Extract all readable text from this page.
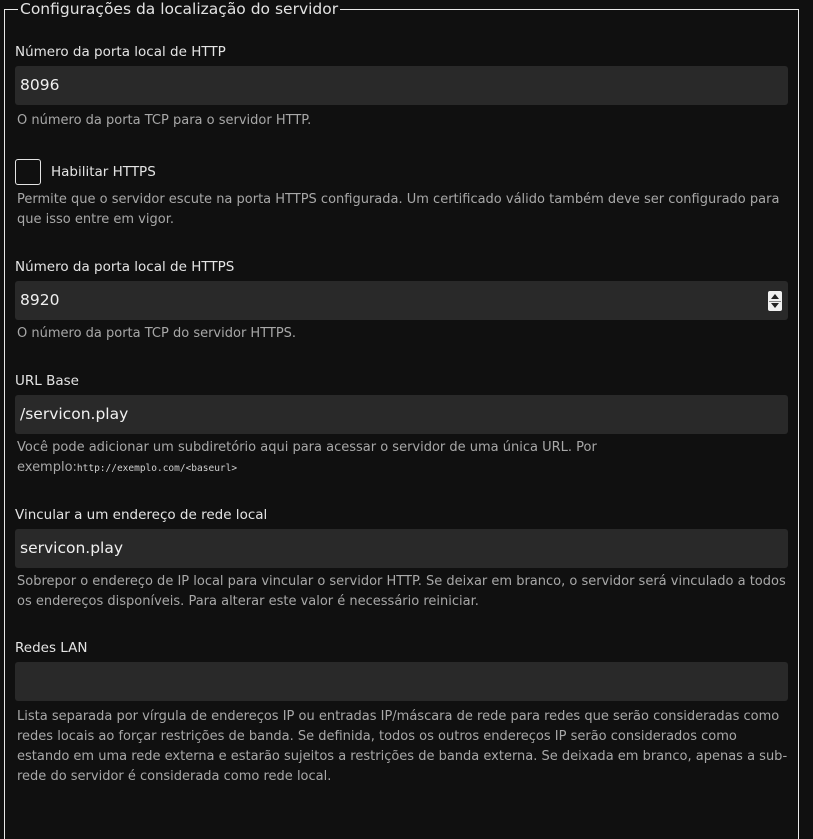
Configurações da localização do servidor
Número da porta local de HTTP
8096
O número da porta TCP para o servidor HTTP.
Habilitar HTTPS
Permite que o servidor escute na porta HTTPS configurada. Um certificado válido também deve ser configurado para que isso entre em vigor.
Número da porta local de HTTPS
8920
O número da porta TCP do servidor HTTPS.
URL Base
/servicon.play
Você pode adicionar um subdiretório aqui para acessar o servidor de uma única URL. Por exemplo:http://exemplo.com/<baseurl>
Vincular a um endereço de rede local
servicon.play
Sobrepor o endereço de IP local para vincular o servidor HTTP. Se deixar em branco, o servidor será vinculado a todos os endereços disponíveis. Para alterar este valor é necessário reiniciar.
Redes LAN
Lista separada por vírgula de endereços IP ou entradas IP/máscara de rede para redes que serão consideradas como redes locais ao forçar restrições de banda. Se definida, todos os outros endereços IP serão considerados como estando em uma rede externa e estarão sujeitos a restrições de banda externa. Se deixada em branco, apenas a sub-rede do servidor é considerada como rede local.
